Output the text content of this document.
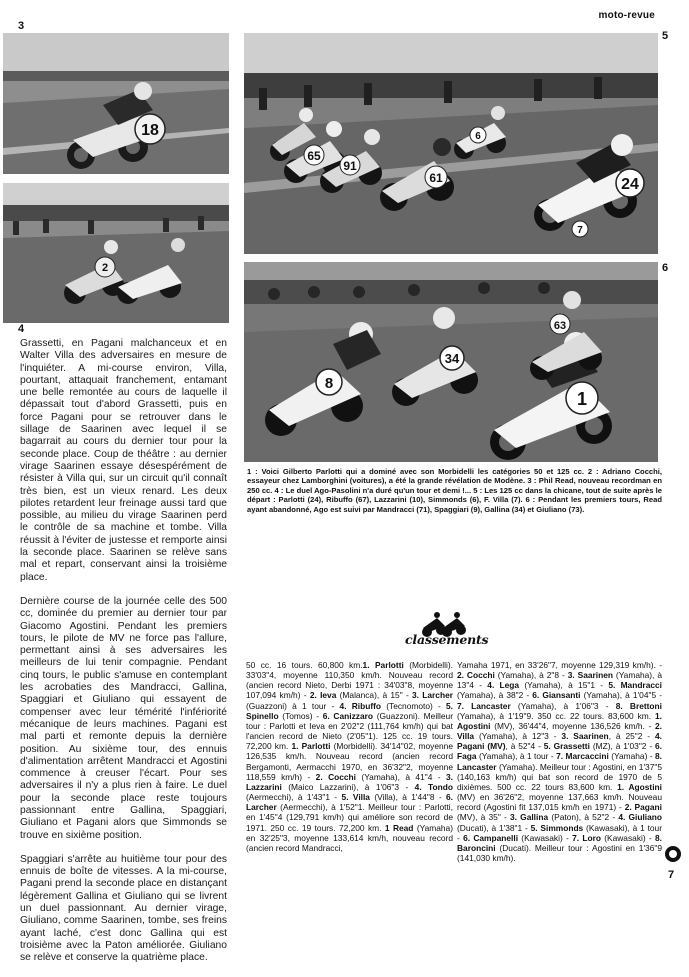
moto-revue
3
4
5
6
7
18
2
65
91
6
61	24
7
8
34
1
63

Grassetti, en Pagani malchanceux et en Walter Villa des adversaires en mesure de l'inquiéter. A mi-course environ, Villa, pourtant, attaquait franchement, entamant une belle remontée au cours de laquelle il dépassait tout d'abord Grassetti, puis en force Pagani pour se retrouver dans le sillage de Saarinen avec lequel il se bagarrait au cours du dernier tour pour la seconde place. Coup de théâtre : au dernier virage Saarinen essaye désespérément de résister à Villa qui, sur un circuit qu'il connaît très bien, est un vieux renard. Les deux pilotes retardent leur freinage aussi tard que possible, au milieu du virage Saarinen perd le contrôle de sa machine et tombe. Villa réussit à l'éviter de justesse et remporte ainsi la seconde place. Saarinen se relève sans mal et repart, conservant ainsi la troisième place.

Dernière course de la journée celle des 500 cc, dominée du premier au dernier tour par Giacomo Agostini. Pendant les premiers tours, le pilote de MV ne force pas l'allure, permettant ainsi à ses adversaires les meilleurs de lui tenir compagnie. Pendant cinq tours, le public s'amuse en contemplant les acrobaties des Mandracci, Gallina, Spaggiari et Giuliano qui essayent de compenser avec leur témérité l'infériorité mécanique de leurs machines. Pagani est mal parti et remonte depuis la dernière position. Au sixième tour, des ennuis d'alimentation arrêtent Mandracci et Agostini commence à creuser l'écart. Pour ses adversaires il n'y a plus rien à faire. Le duel pour la seconde place reste toujours passionnant entre Gallina, Spaggiari, Giuliano et Pagani alors que Simmonds se trouve en sixième position.

Spaggiari s'arrête au huitième tour pour des ennuis de boîte de vitesses. A la mi-course, Pagani prend la seconde place en distançant légèrement Gallina et Giuliano qui se livrent un duel passionnant. Au dernier virage, Giuliano, comme Saarinen, tombe, ses freins ayant laché, c'est donc Gallina qui est troisième avec la Paton améliorée. Giuliano se relève et conserve la quatrième place.

1 : Voici Gilberto Parlotti qui a dominé avec son Morbidelli les catégories 50 et 125 cc. 2 : Adriano Cocchi, essayeur chez Lamborghini (voitures), a été la grande révélation de Modène. 3 : Phil Read, nouveau recordman en 250 cc. 4 : Le duel Ago-Pasolini n'a duré qu'un tour et demi !... 5 : Les 125 cc dans la chicane, tout de suite après le départ : Parlotti (24), Ribuffo (67), Lazzarini (10), Simmonds (6), F. Villa (7). 6 : Pendant les premiers tours, Read ayant abandonné, Ago est suivi par Mandracci (71), Spaggiari (9), Gallina (34) et Giuliano (73).
classements
50 cc. 16 tours. 60,800 km.1. Parlotti (Morbidelli). 33'03"4, moyenne 110,350 km/h. Nouveau record (ancien record Nieto, Derbi 1971 : 34'03"8, moyenne 107,094 km/h) - 2. Ieva (Malanca), à 15" - 3. Larcher (Guazzoni) à 1 tour - 4. Ribuffo (Tecnomoto) - 5. Spinello (Tomos) - 6. Canizzaro (Guazzoni). Meilleur tour : Parlotti et Ieva en 2'02"2 (111,764 km/h) qui bat l'ancien record de Nieto (2'05"1). 125 cc. 19 tours. 72,200 km. 1. Parlotti (Morbidelli). 34'14"02, moyenne 126,535 km/h. Nouveau record (ancien record Bergamonti, Aermacchi 1970, en 36'32"2, moyenne 118,559 km/h) - 2. Cocchi (Yamaha), à 41"4 - 3. Lazzarini (Maico Lazzarini), à 1'06"3 - 4. Tondo (Aermecchi), à 1'43"1 - 5. Villa (Villa), à 1'44"8 - 6. Larcher (Aermecchi), à 1'52"1. Meilleur tour : Parlotti, en 1'45"4 (129,791 km/h) qui améliore son record de 1971. 250 cc. 19 tours. 72,200 km. 1 Read (Yamaha) en 32'25"3, moyenne 133,614 km/h, nouveau record (ancien record Mandracci,
Yamaha 1971, en 33'26"7, moyenne 129,319 km/h). - 2. Cocchi (Yamaha), à 2"8 - 3. Saarinen (Yamaha), à 13"4 - 4. Lega (Yamaha), à 15"1 - 5. Mandracci (Yamaha), à 38"2 - 6. Giansanti (Yamaha), à 1'04"5 - 7. Lancaster (Yamaha), à 1'06"3 - 8. Brettoni (Yamaha), à 1'19"9. 350 cc. 22 tours. 83,600 km. 1. Agostini (MV), 36'44"4, moyenne 136,526 km/h. - 2. Villa (Yamaha), à 12"3 - 3. Saarinen, à 25"2 - 4. Pagani (MV), à 52"4 - 5. Grassetti (MZ), à 1'03"2 - 6. Faga (Yamaha), à 1 tour - 7. Marcaccini (Yamaha) - 8. Lancaster (Yamaha). Meilleur tour : Agostini, en 1'37"5 (140,163 km/h) qui bat son record de 1970 de 5 dixièmes. 500 cc. 22 tours 83,600 km. 1. Agostini (MV) en 36'26"2, moyenne 137,663 km/h. Nouveau record (Agostini fit 137,015 km/h en 1971) - 2. Pagani (MV), à 35" - 3. Gallina (Paton), à 52"2 - 4. Giuliano (Ducati), à 1'38"1 - 5. Simmonds (Kawasaki), à 1 tour - 6. Campanelli (Kawasaki) - 7. Loro (Kawasaki) - 8. Baroncini (Ducati). Meilleur tour : Agostini en 1'36"9 (141,030 km/h).
